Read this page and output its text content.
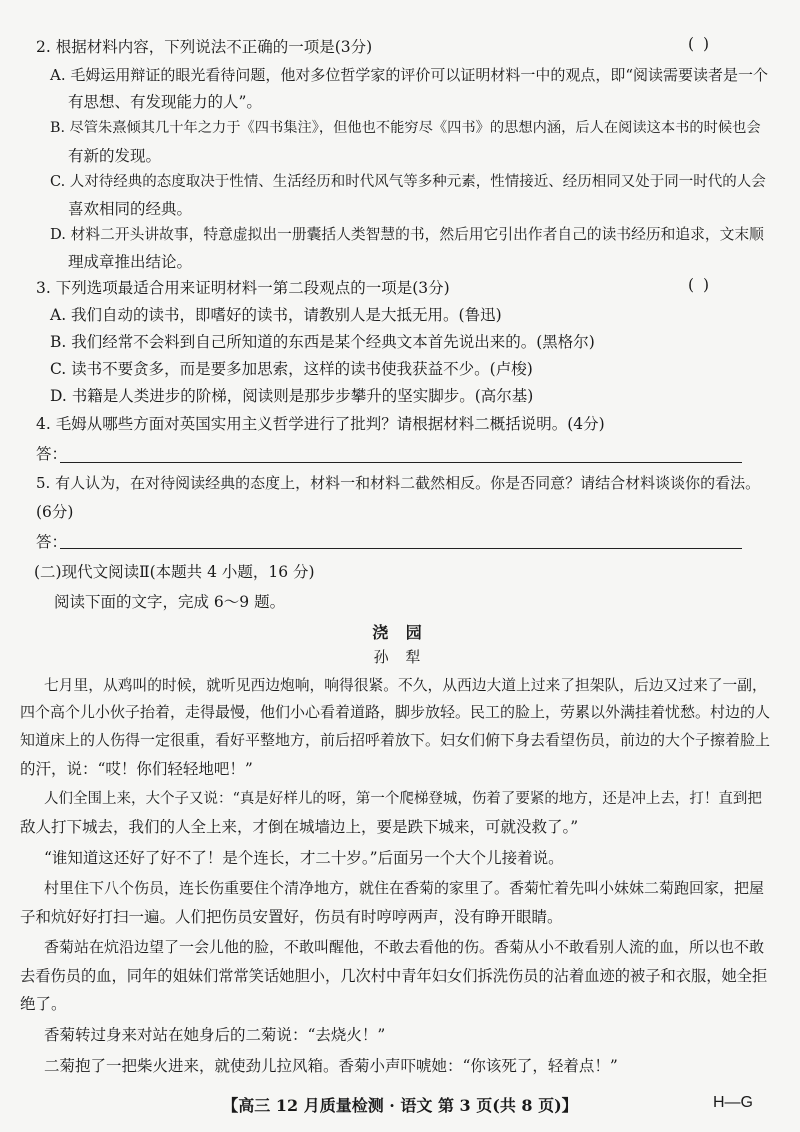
2. 根据材料内容，下列说法不正确的一项是(3分)	( )
A. 毛姆运用辩证的眼光看待问题，他对多位哲学家的评价可以证明材料一中的观点，即“阅读需要读者是一个
有思想、有发现能力的人”。
B. 尽管朱熹倾其几十年之力于《四书集注》，但他也不能穷尽《四书》的思想内涵，后人在阅读这本书的时候也会
有新的发现。
C. 人对待经典的态度取决于性情、生活经历和时代风气等多种元素，性情接近、经历相同又处于同一时代的人会
喜欢相同的经典。
D. 材料二开头讲故事，特意虚拟出一册囊括人类智慧的书，然后用它引出作者自己的读书经历和追求，文末顺
理成章推出结论。
3. 下列选项最适合用来证明材料一第二段观点的一项是(3分)	( )
A. 我们自动的读书，即嗜好的读书，请教别人是大抵无用。(鲁迅)
B. 我们经常不会料到自己所知道的东西是某个经典文本首先说出来的。(黑格尔)
C. 读书不要贪多，而是要多加思索，这样的读书使我获益不少。(卢梭)
D. 书籍是人类进步的阶梯，阅读则是那步步攀升的坚实脚步。(高尔基)
4. 毛姆从哪些方面对英国实用主义哲学进行了批判？请根据材料二概括说明。(4分)
答：
5. 有人认为，在对待阅读经典的态度上，材料一和材料二截然相反。你是否同意？请结合材料谈谈你的看法。
(6分)
答：
(二)现代文阅读Ⅱ(本题共 4 小题，16 分)
阅读下面的文字，完成 6～9 题。
浇 园
孙 犁
七月里，从鸡叫的时候，就听见西边炮响，响得很紧。不久，从西边大道上过来了担架队，后边又过来了一副，
四个高个儿小伙子抬着，走得最慢，他们小心看着道路，脚步放轻。民工的脸上，劳累以外满挂着忧愁。村边的人
知道床上的人伤得一定很重，看好平整地方，前后招呼着放下。妇女们俯下身去看望伤员，前边的大个子擦着脸上
的汗，说：“哎！你们轻轻地吧！”
人们全围上来，大个子又说：“真是好样儿的呀，第一个爬梯登城，伤着了要紧的地方，还是冲上去，打！直到把
敌人打下城去，我们的人全上来，才倒在城墙边上，要是跌下城来，可就没救了。”
“谁知道这还好了好不了！是个连长，才二十岁。”后面另一个大个儿接着说。
村里住下八个伤员，连长伤重要住个清净地方，就住在香菊的家里了。香菊忙着先叫小妹妹二菊跑回家，把屋
子和炕好好打扫一遍。人们把伤员安置好，伤员有时哼哼两声，没有睁开眼睛。
香菊站在炕沿边望了一会儿他的脸，不敢叫醒他，不敢去看他的伤。香菊从小不敢看别人流的血，所以也不敢
去看伤员的血，同年的姐妹们常常笑话她胆小，几次村中青年妇女们拆洗伤员的沾着血迹的被子和衣服，她全拒
绝了。
香菊转过身来对站在她身后的二菊说：“去烧火！”
二菊抱了一把柴火进来，就使劲儿拉风箱。香菊小声吓唬她：“你该死了，轻着点！”
【高三 12 月质量检测 · 语文 第 3 页(共 8 页)】	H—G
